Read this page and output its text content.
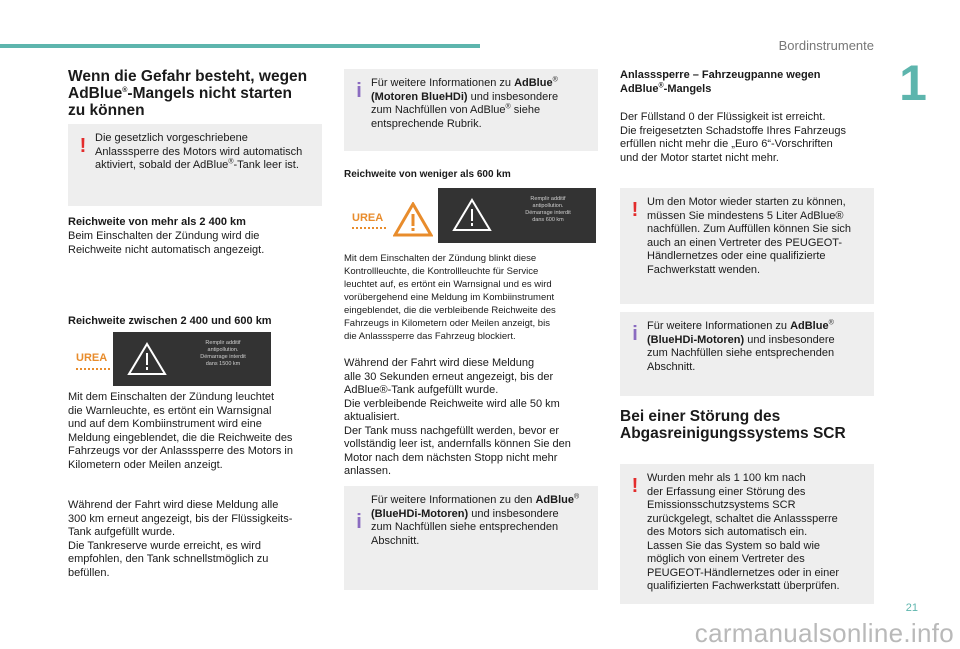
Bordinstrumente
1
Wenn die Gefahr besteht, wegen
AdBlue®-Mangels nicht starten
zu können
! Die gesetzlich vorgeschriebene
Anlasssperre des Motors wird automatisch
aktiviert, sobald der AdBlue®-Tank leer ist.
Reichweite von mehr als 2 400 km
Beim Einschalten der Zündung wird die
Reichweite nicht automatisch angezeigt.
Reichweite zwischen 2 400 und 600 km
UREA
Remplir additif
antipollution.
Démarrage interdit
dans 1500 km
Mit dem Einschalten der Zündung leuchtet
die Warnleuchte, es ertönt ein Warnsignal
und auf dem Kombiinstrument wird eine
Meldung eingeblendet, die die Reichweite des
Fahrzeugs vor der Anlasssperre des Motors in
Kilometern oder Meilen anzeigt.
Während der Fahrt wird diese Meldung alle
300 km erneut angezeigt, bis der Flüssigkeits-
Tank aufgefüllt wurde.
Die Tankreserve wurde erreicht, es wird
empfohlen, den Tank schnellstmöglich zu
befüllen.
i Für weitere Informationen zu AdBlue®
(Motoren BlueHDi) und insbesondere
zum Nachfüllen von AdBlue® siehe
entsprechende Rubrik.
Reichweite von weniger als 600 km
UREA
Remplir additif
antipollution.
Démarrage interdit
dans 600 km
Mit dem Einschalten der Zündung blinkt diese
Kontrollleuchte, die Kontrollleuchte für Service
leuchtet auf, es ertönt ein Warnsignal und es wird
vorübergehend eine Meldung im Kombiinstrument
eingeblendet, die die verbleibende Reichweite des
Fahrzeugs in Kilometern oder Meilen anzeigt, bis
die Anlasssperre das Fahrzeug blockiert.
Während der Fahrt wird diese Meldung
alle 30 Sekunden erneut angezeigt, bis der
AdBlue®-Tank aufgefüllt wurde.
Die verbleibende Reichweite wird alle 50 km
aktualisiert.
Der Tank muss nachgefüllt werden, bevor er
vollständig leer ist, andernfalls können Sie den
Motor nach dem nächsten Stopp nicht mehr
anlassen.
i
Für weitere Informationen zu den AdBlue®
(BlueHDi-Motoren) und insbesondere
zum Nachfüllen siehe entsprechenden
Abschnitt.
Anlasssperre – Fahrzeugpanne wegen
AdBlue®-Mangels
Der Füllstand 0 der Flüssigkeit ist erreicht.
Die freigesetzten Schadstoffe Ihres Fahrzeugs
erfüllen nicht mehr die „Euro 6“-Vorschriften
und der Motor startet nicht mehr.
! Um den Motor wieder starten zu können,
müssen Sie mindestens 5 Liter AdBlue®
nachfüllen. Zum Auffüllen können Sie sich
auch an einen Vertreter des PEUGEOT-
Händlernetzes oder eine qualifizierte
Fachwerkstatt wenden.
i Für weitere Informationen zu AdBlue®
(BlueHDi-Motoren) und insbesondere
zum Nachfüllen siehe entsprechenden
Abschnitt.
Bei einer Störung des
Abgasreinigungssystems SCR
! Wurden mehr als 1 100 km nach
der Erfassung einer Störung des
Emissionsschutzsystems SCR
zurückgelegt, schaltet die Anlasssperre
des Motors sich automatisch ein.
Lassen Sie das System so bald wie
möglich von einem Vertreter des
PEUGEOT-Händlernetzes oder in einer
qualifizierten Fachwerkstatt überprüfen.
21
carmanualsonline.info
